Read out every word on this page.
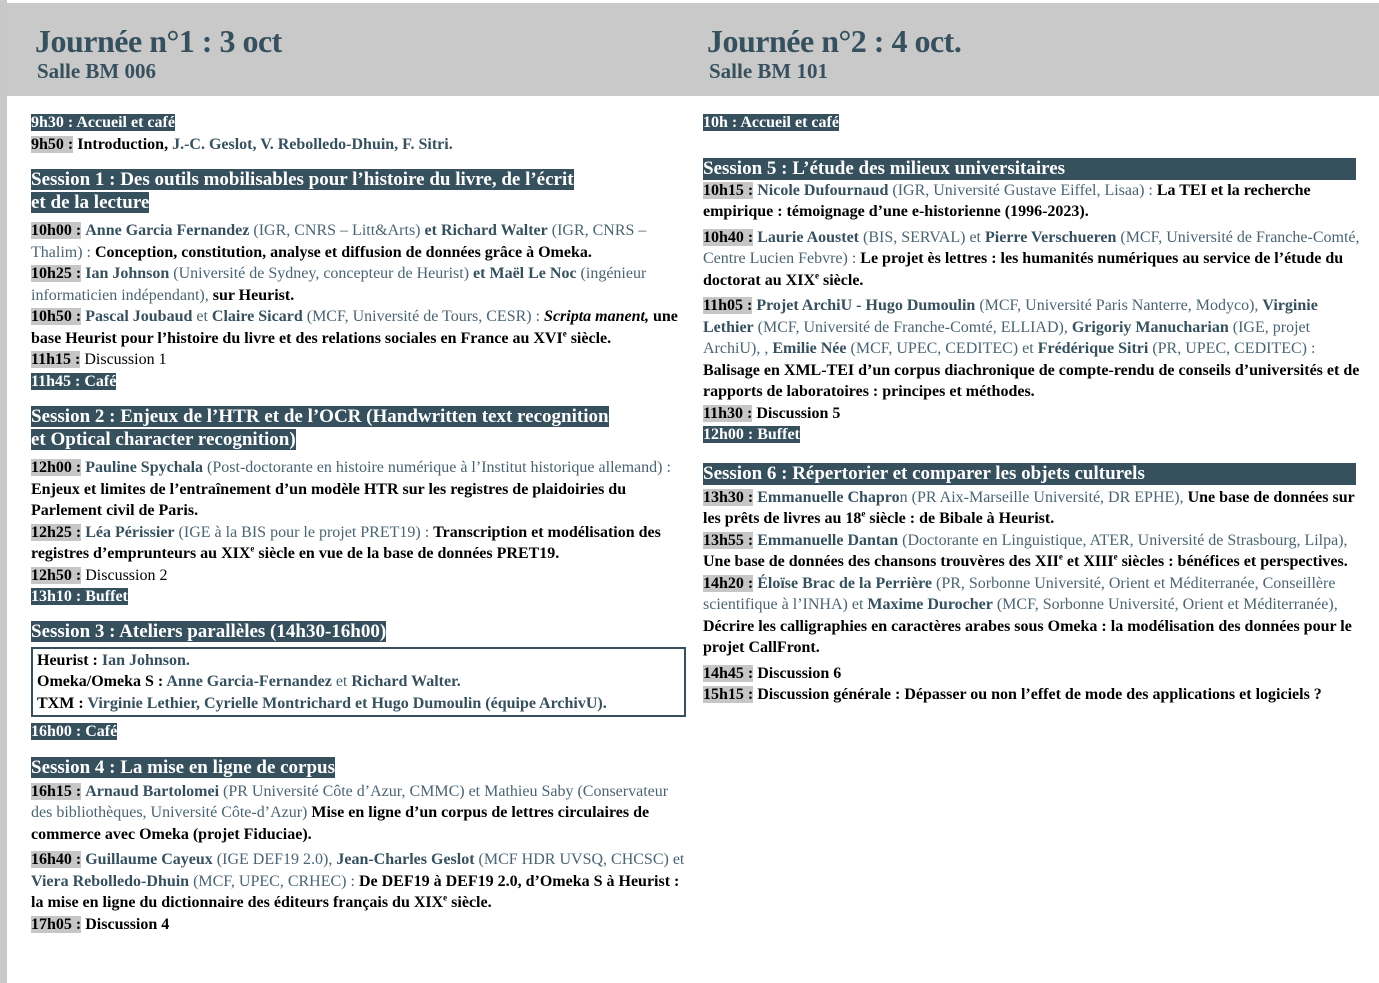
Journée n°1 : 3 oct
Salle BM 006
Journée n°2 : 4 oct.
Salle BM 101

9h30 : Accueil et café

9h50 : Introduction, J.-C. Geslot, V. Rebolledo-Dhuin, F. Sitri.

Session 1 : Des outils mobilisables pour l’histoire du livre, de l’écrit
et de la lecture

10h00 : Anne Garcia Fernandez (IGR, CNRS – Litt&Arts) et Richard Walter (IGR, CNRS – Thalim) : Conception, constitution, analyse et diffusion de données grâce à Omeka.

10h25 : Ian Johnson (Université de Sydney, concepteur de Heurist) et Maël Le Noc (ingénieur informaticien indépendant), sur Heurist.

10h50 : Pascal Joubaud et Claire Sicard (MCF, Université de Tours, CESR) : Scripta manent, une base Heurist pour l’histoire du livre et des relations sociales en France au XVIe siècle.

11h15 : Discussion 1

11h45 : Café

Session 2 : Enjeux de l’HTR et de l’OCR (Handwritten text recognition
et Optical character recognition)

12h00 : Pauline Spychala (Post-doctorante en histoire numérique à l’Institut historique allemand) : Enjeux et limites de l’entraînement d’un modèle HTR sur les registres de plaidoiries du Parlement civil de Paris.

12h25 : Léa Périssier (IGE à la BIS pour le projet PRET19) : Transcription et modélisation des registres d’emprunteurs au XIXe siècle en vue de la base de données PRET19.

12h50 : Discussion 2

13h10 : Buffet

Session 3 : Ateliers parallèles (14h30-16h00)

Heurist : Ian Johnson.

Omeka/Omeka S : Anne Garcia-Fernandez et Richard Walter.

TXM : Virginie Lethier, Cyrielle Montrichard et Hugo Dumoulin (équipe ArchivU).

16h00 : Café

Session 4 : La mise en ligne de corpus

16h15 : Arnaud Bartolomei (PR Université Côte d’Azur, CMMC) et Mathieu Saby (Conservateur des bibliothèques, Université Côte-d’Azur) Mise en ligne d’un corpus de lettres circulaires de commerce avec Omeka (projet Fiduciae).

16h40 : Guillaume Cayeux (IGE DEF19 2.0), Jean-Charles Geslot (MCF HDR UVSQ, CHCSC) et Viera Rebolledo-Dhuin (MCF, UPEC, CRHEC) : De DEF19 à DEF19 2.0, d’Omeka S à Heurist : la mise en ligne du dictionnaire des éditeurs français du XIXe siècle.

17h05 : Discussion 4

10h : Accueil et café

Session 5 : L’étude des milieux universitaires

10h15 : Nicole Dufournaud (IGR, Université Gustave Eiffel, Lisaa) : La TEI et la recherche empirique : témoignage d’une e-historienne (1996-2023).

10h40 : Laurie Aoustet (BIS, SERVAL) et Pierre Verschueren (MCF, Université de Franche-Comté, Centre Lucien Febvre) : Le projet ès lettres : les humanités numériques au service de l’étude du doctorat au XIXe siècle.

11h05 : Projet ArchiU - Hugo Dumoulin (MCF, Université Paris Nanterre, Modyco), Virginie Lethier (MCF, Université de Franche-Comté, ELLIAD), Grigoriy Manucharian (IGE, projet ArchiU), , Emilie Née (MCF, UPEC, CEDITEC) et Frédérique Sitri (PR, UPEC, CEDITEC) : Balisage en XML-TEI d’un corpus diachronique de compte-rendu de conseils d’universités et de rapports de laboratoires : principes et méthodes.

11h30 : Discussion 5

12h00 : Buffet

Session 6 : Répertorier et comparer les objets culturels

13h30 : Emmanuelle Chapron (PR Aix-Marseille Université, DR EPHE), Une base de données sur les prêts de livres au 18e siècle : de Bibale à Heurist.

13h55 : Emmanuelle Dantan (Doctorante en Linguistique, ATER, Université de Strasbourg, Lilpa), Une base de données des chansons trouvères des XIIe et XIIIe siècles : bénéfices et perspectives.

14h20 : Éloïse Brac de la Perrière (PR, Sorbonne Université, Orient et Méditerranée, Conseillère scientifique à l’INHA) et Maxime Durocher (MCF, Sorbonne Université, Orient et Méditerranée), Décrire les calligraphies en caractères arabes sous Omeka : la modélisation des données pour le projet CallFront.

14h45 : Discussion 6

15h15 : Discussion générale : Dépasser ou non l’effet de mode des applications et logiciels ?
